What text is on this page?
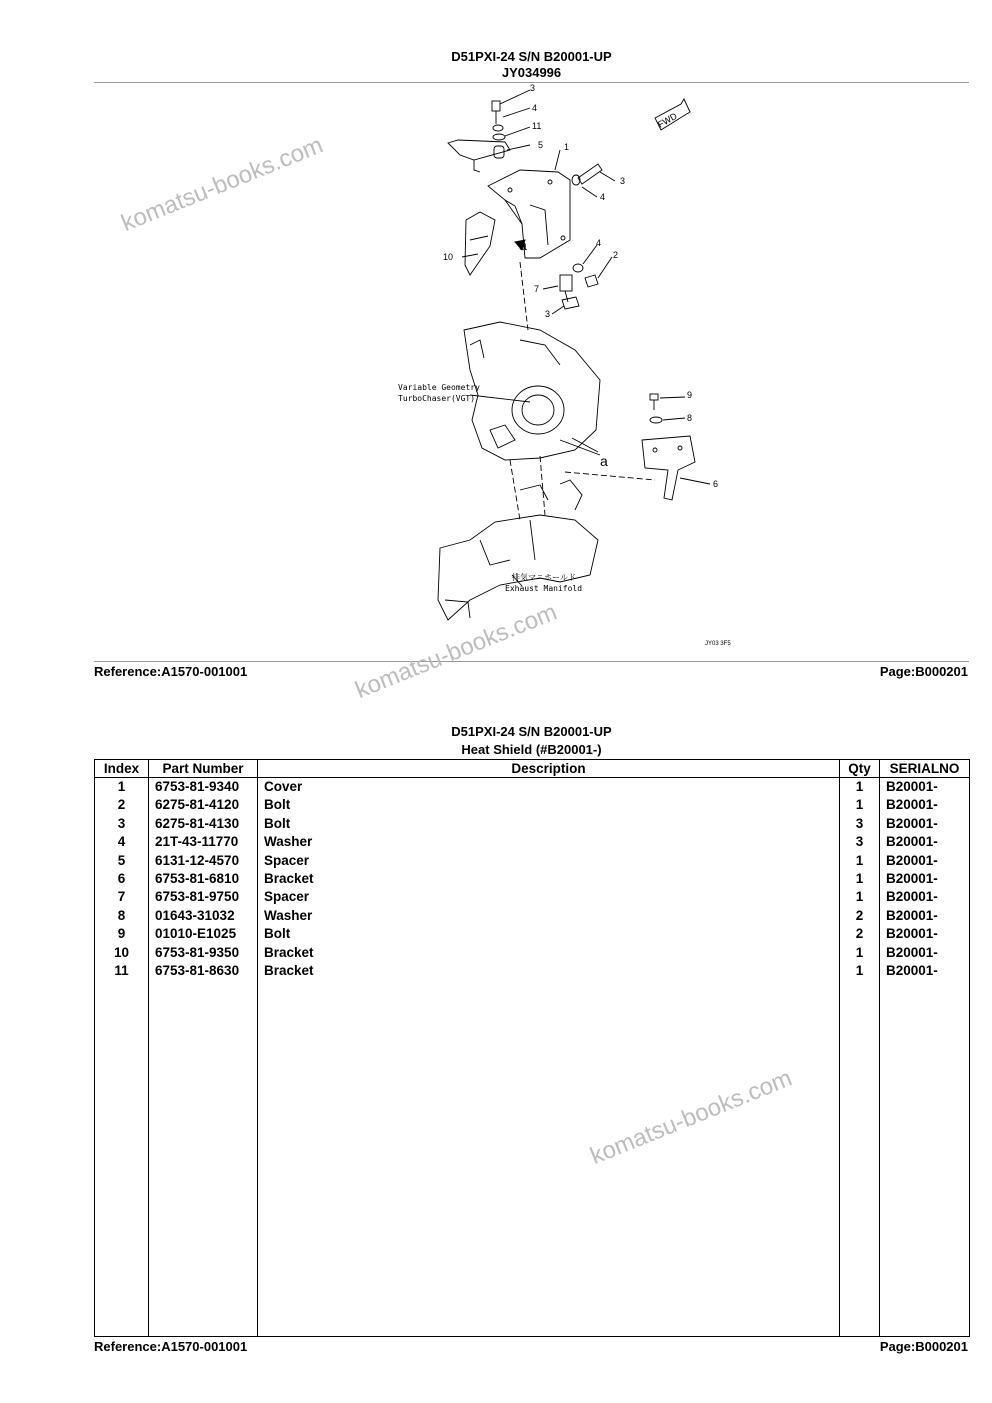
D51PXI-24 S/N B20001-UP
JY034996
3
4
11
5 1
3
4
4
2
10
7
3
9
8
6
Variable Geometry
TurboChaser(VGT)
排気マニホールド
Exhaust Manifold
FWD
a
a
JY03 3F5
Reference:A1570-001001	Page:B000201
komatsu-books.com
komatsu-books.com
komatsu-books.com
D51PXI-24 S/N B20001-UP
Heat Shield (#B20001-)
Index	Part Number	Description	Qty	SERIALNO
1	6753-81-9340	Cover	1	B20001-
2	6275-81-4120	Bolt	1	B20001-
3	6275-81-4130	Bolt	3	B20001-
4	21T-43-11770	Washer	3	B20001-
5	6131-12-4570	Spacer	1	B20001-
6	6753-81-6810	Bracket	1	B20001-
7	6753-81-9750	Spacer	1	B20001-
8	01643-31032	Washer	2	B20001-
9	01010-E1025	Bolt	2	B20001-
10	6753-81-9350	Bracket	1	B20001-
11	6753-81-8630	Bracket	1	B20001-

Reference:A1570-001001	Page:B000201
